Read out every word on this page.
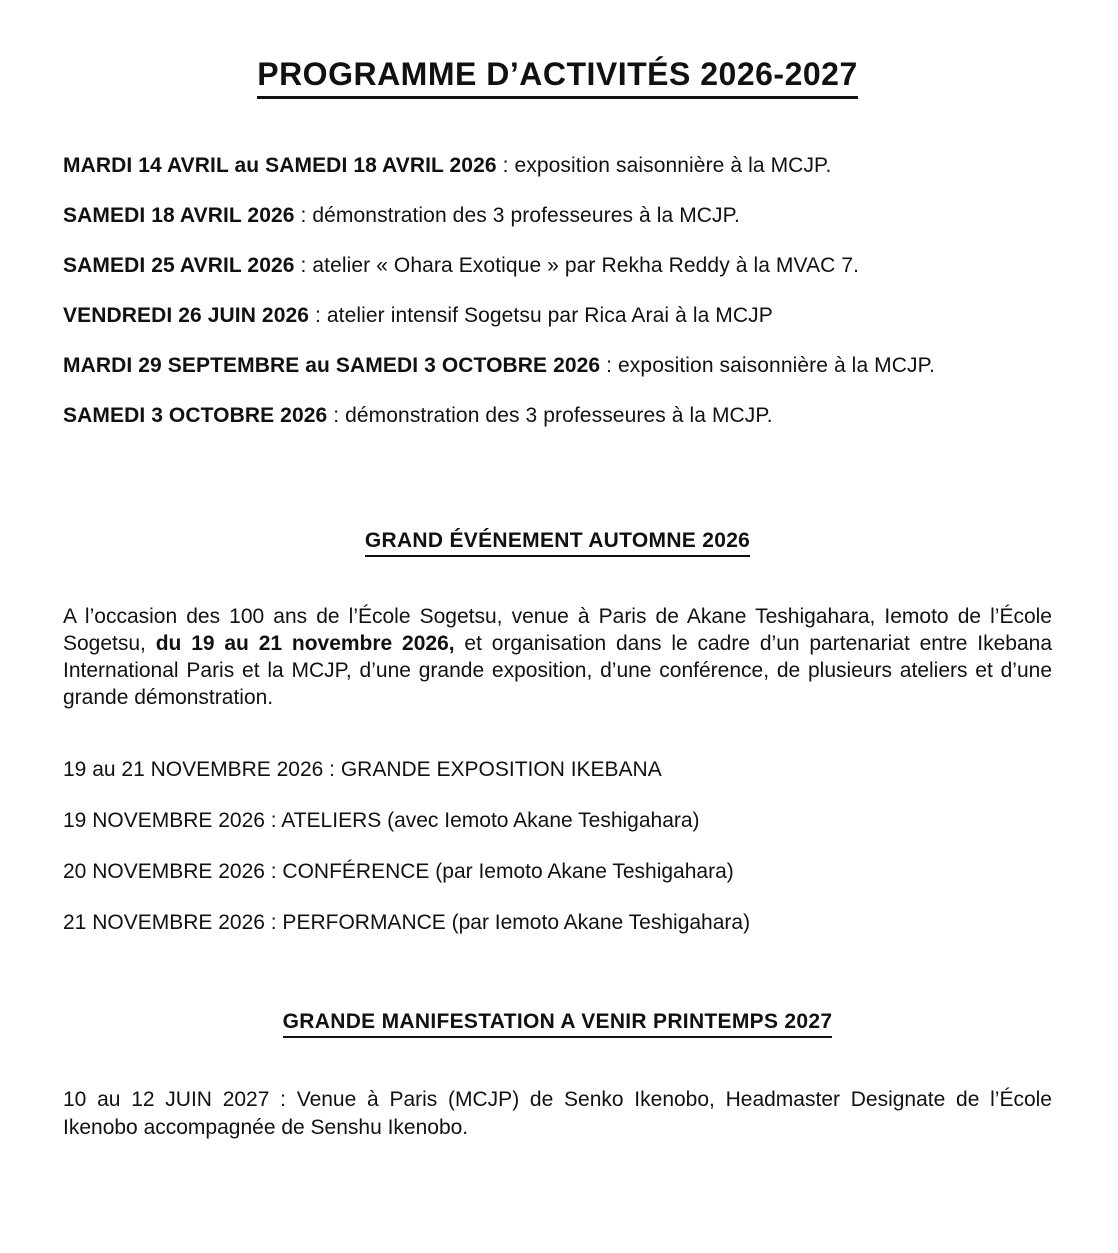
PROGRAMME D’ACTIVITÉS 2026-2027

MARDI 14 AVRIL au SAMEDI 18 AVRIL 2026 : exposition saisonnière à la MCJP.

SAMEDI 18 AVRIL 2026 : démonstration des 3 professeures à la MCJP.

SAMEDI 25 AVRIL 2026 : atelier « Ohara Exotique » par Rekha Reddy à la MVAC 7.

VENDREDI 26 JUIN 2026 : atelier intensif Sogetsu par Rica Arai à la MCJP

MARDI 29 SEPTEMBRE au SAMEDI 3 OCTOBRE 2026 : exposition saisonnière à la MCJP.

SAMEDI 3 OCTOBRE 2026 : démonstration des 3 professeures à la MCJP.

GRAND ÉVÉNEMENT AUTOMNE 2026

A l’occasion des 100 ans de l’École Sogetsu, venue à Paris de Akane Teshigahara, Iemoto de l’École Sogetsu, du 19 au 21 novembre 2026, et organisation dans le cadre d’un partenariat entre Ikebana International Paris et la MCJP, d’une grande exposition, d’une conférence, de plusieurs ateliers et d’une grande démonstration.

19 au 21 NOVEMBRE 2026 : GRANDE EXPOSITION IKEBANA

19 NOVEMBRE 2026 : ATELIERS (avec Iemoto Akane Teshigahara)

20 NOVEMBRE 2026 : CONFÉRENCE (par Iemoto Akane Teshigahara)

21 NOVEMBRE 2026 : PERFORMANCE (par Iemoto Akane Teshigahara)

GRANDE MANIFESTATION A VENIR PRINTEMPS 2027

10 au 12 JUIN 2027 : Venue à Paris (MCJP) de Senko Ikenobo, Headmaster Designate de l’École Ikenobo accompagnée de Senshu Ikenobo.
